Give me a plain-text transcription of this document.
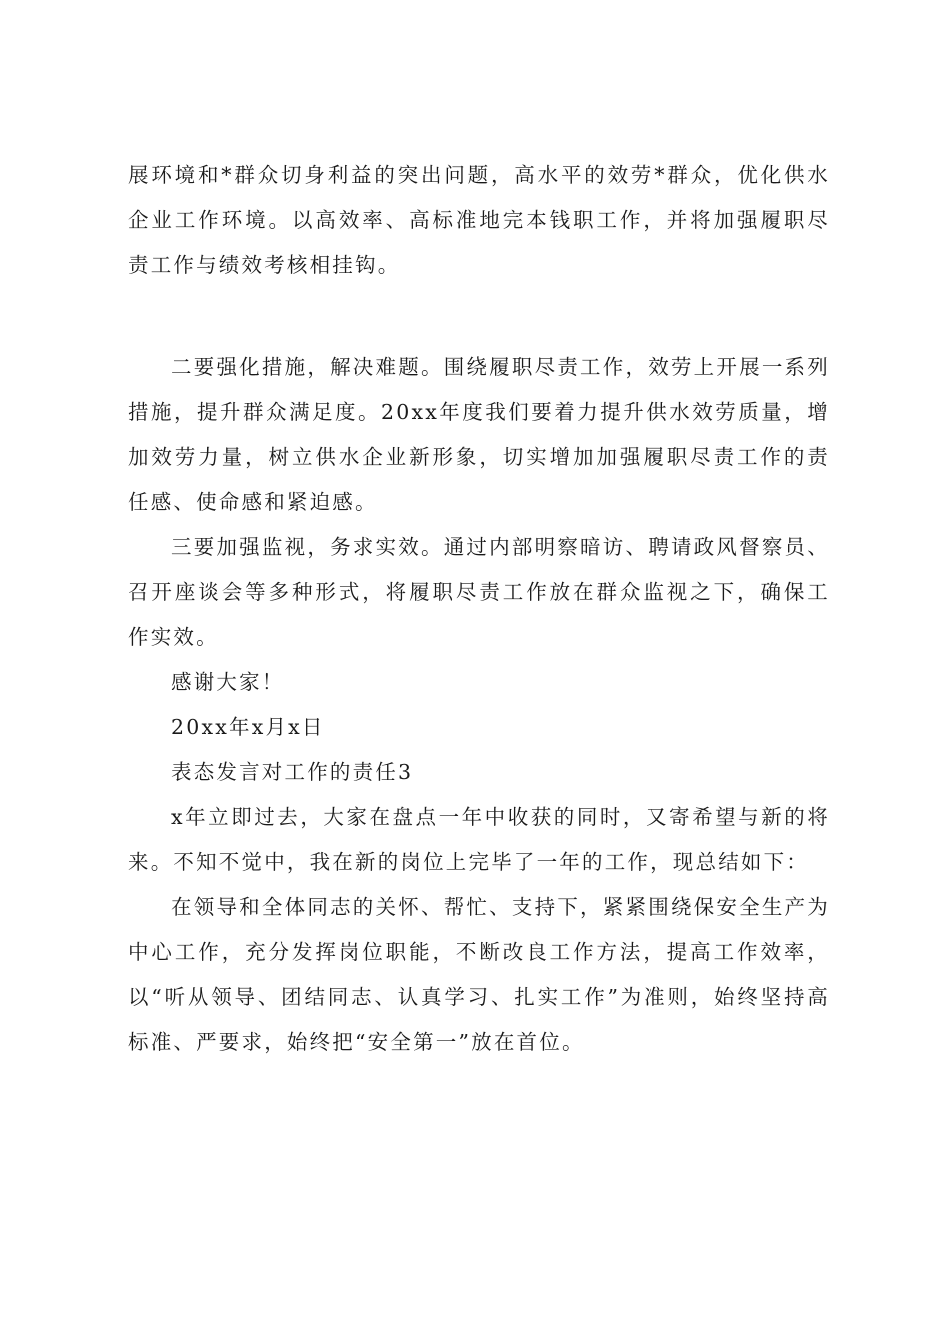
展环境和*群众切身利益的突出问题，高水平的效劳*群众，优化供水企业工作环境。以高效率、高标准地完本钱职工作，并将加强履职尽责工作与绩效考核相挂钩。

二要强化措施，解决难题。围绕履职尽责工作，效劳上开展一系列措施，提升群众满足度。20xx年度我们要着力提升供水效劳质量，增加效劳力量，树立供水企业新形象，切实增加加强履职尽责工作的责任感、使命感和紧迫感。

三要加强监视，务求实效。通过内部明察暗访、聘请政风督察员、召开座谈会等多种形式，将履职尽责工作放在群众监视之下，确保工作实效。

感谢大家！

20xx年x月x日

表态发言对工作的责任3

x年立即过去，大家在盘点一年中收获的同时，又寄希望与新的将来。不知不觉中，我在新的岗位上完毕了一年的工作，现总结如下：

在领导和全体同志的关怀、帮忙、支持下，紧紧围绕保安全生产为中心工作，充分发挥岗位职能，不断改良工作方法，提高工作效率，以“听从领导、团结同志、认真学习、扎实工作”为准则，始终坚持高标准、严要求，始终把“安全第一”放在首位。
